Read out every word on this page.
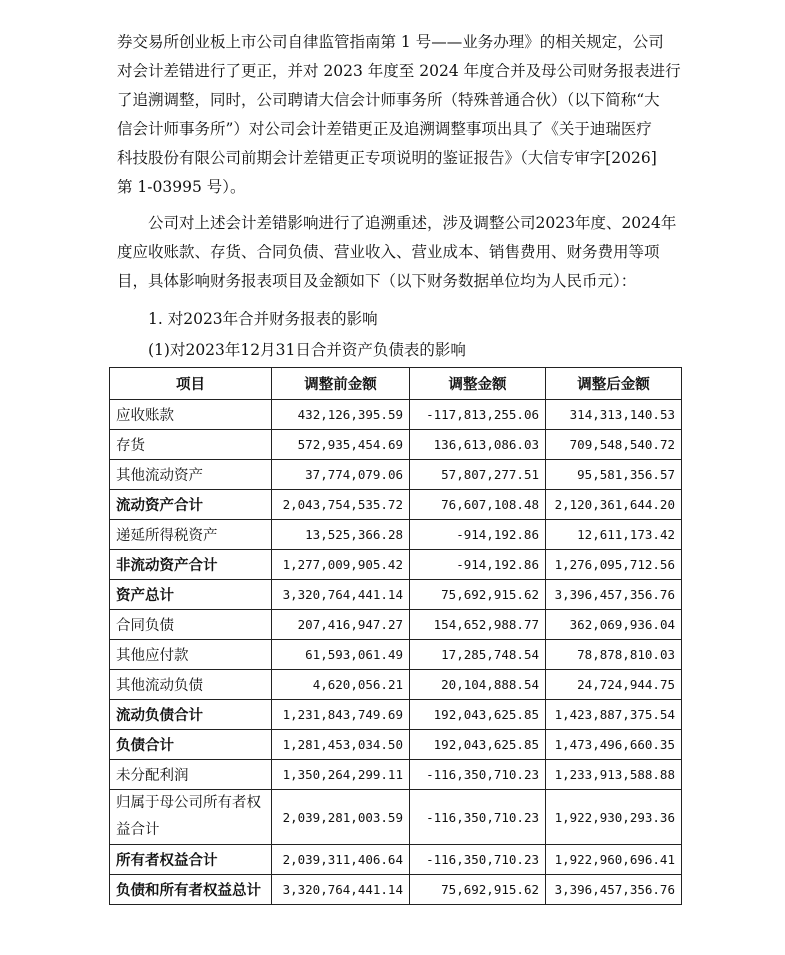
券交易所创业板上市公司自律监管指南第 1 号——业务办理》的相关规定，公司
对会计差错进行了更正，并对 2023 年度至 2024 年度合并及母公司财务报表进行
了追溯调整，同时，公司聘请大信会计师事务所（特殊普通合伙）（以下简称“大
信会计师事务所”）对公司会计差错更正及追溯调整事项出具了《关于迪瑞医疗
科技股份有限公司前期会计差错更正专项说明的鉴证报告》（大信专审字[2026]
第 1-03995 号）。

公司对上述会计差错影响进行了追溯重述，涉及调整公司2023年度、2024年
度应收账款、存货、合同负债、营业收入、营业成本、销售费用、财务费用等项
目，具体影响财务报表项目及金额如下（以下财务数据单位均为人民币元）：

1. 对2023年合并财务报表的影响
(1)对2023年12月31日合并资产负债表的影响
项目	调整前金额	调整金额	调整后金额
应收账款	432,126,395.59	-117,813,255.06	314,313,140.53
存货	572,935,454.69	136,613,086.03	709,548,540.72
其他流动资产	37,774,079.06	57,807,277.51	95,581,356.57
流动资产合计	2,043,754,535.72	76,607,108.48	2,120,361,644.20
递延所得税资产	13,525,366.28	-914,192.86	12,611,173.42
非流动资产合计	1,277,009,905.42	-914,192.86	1,276,095,712.56
资产总计	3,320,764,441.14	75,692,915.62	3,396,457,356.76
合同负债	207,416,947.27	154,652,988.77	362,069,936.04
其他应付款	61,593,061.49	17,285,748.54	78,878,810.03
其他流动负债	4,620,056.21	20,104,888.54	24,724,944.75
流动负债合计	1,231,843,749.69	192,043,625.85	1,423,887,375.54
负债合计	1,281,453,034.50	192,043,625.85	1,473,496,660.35
未分配利润	1,350,264,299.11	-116,350,710.23	1,233,913,588.88
归属于母公司所有者权益合计	2,039,281,003.59	-116,350,710.23	1,922,930,293.36
所有者权益合计	2,039,311,406.64	-116,350,710.23	1,922,960,696.41
负债和所有者权益总计	3,320,764,441.14	75,692,915.62	3,396,457,356.76
